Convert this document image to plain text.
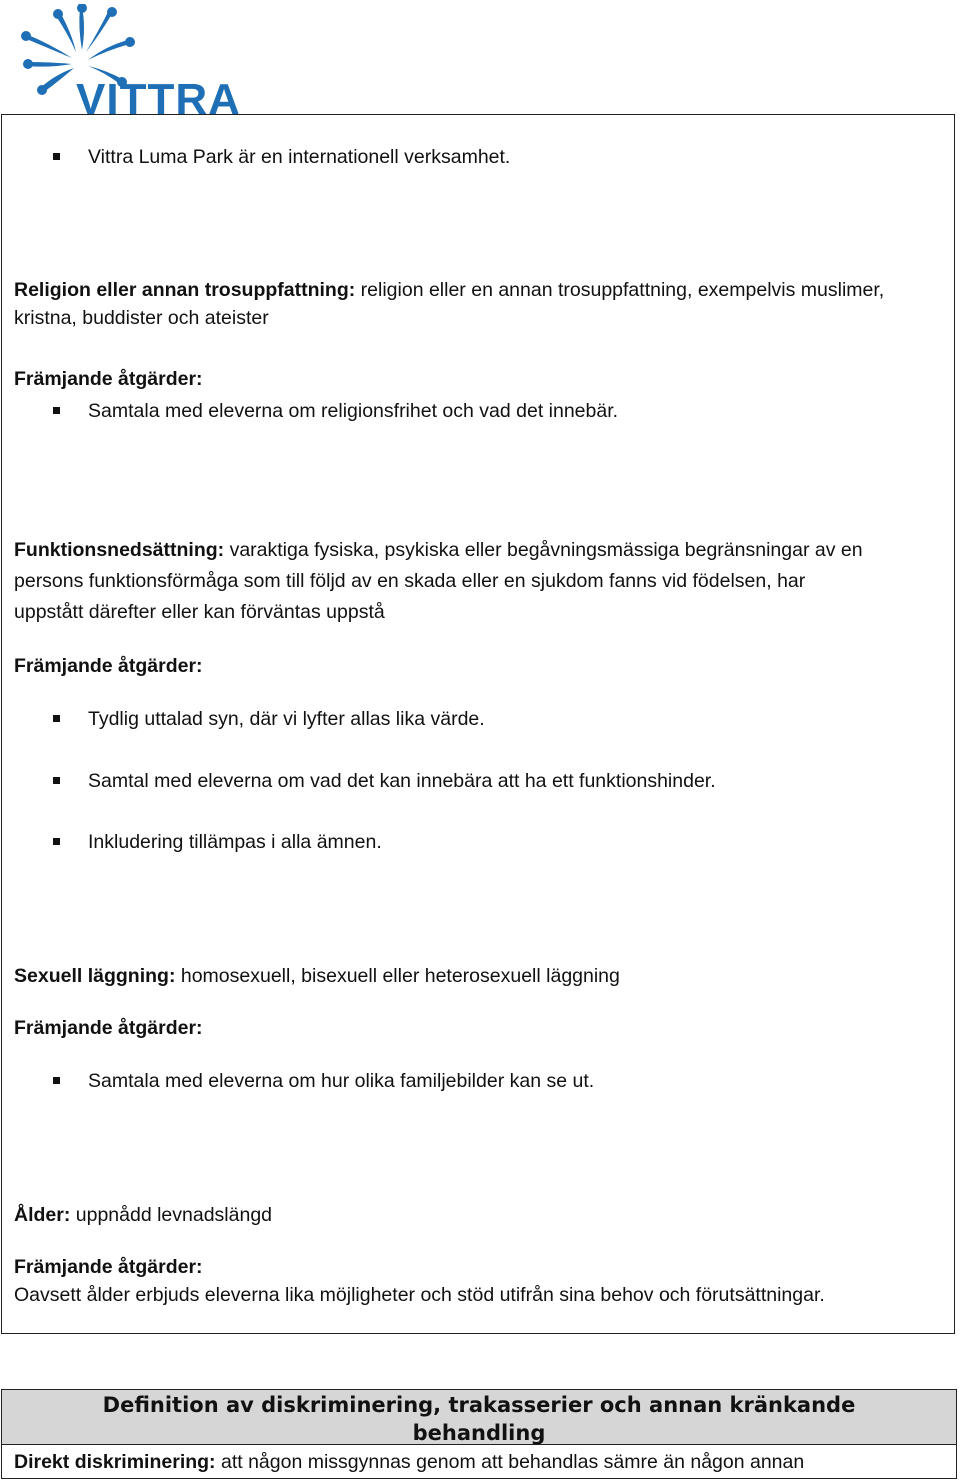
VITTRA
Vittra Luma Park är en internationell verksamhet.
Religion eller annan trosuppfattning: religion eller en annan trosuppfattning, exempelvis muslimer,
kristna, buddister och ateister
Främjande åtgärder:
Samtala med eleverna om religionsfrihet och vad det innebär.
Funktionsnedsättning: varaktiga fysiska, psykiska eller begåvningsmässiga begränsningar av en
persons funktionsförmåga som till följd av en skada eller en sjukdom fanns vid födelsen, har
uppstått därefter eller kan förväntas uppstå
Främjande åtgärder:
Tydlig uttalad syn, där vi lyfter allas lika värde.
Samtal med eleverna om vad det kan innebära att ha ett funktionshinder.
Inkludering tillämpas i alla ämnen.
Sexuell läggning: homosexuell, bisexuell eller heterosexuell läggning
Främjande åtgärder:
Samtala med eleverna om hur olika familjebilder kan se ut.
Ålder: uppnådd levnadslängd
Främjande åtgärder:
Oavsett ålder erbjuds eleverna lika möjligheter och stöd utifrån sina behov och förutsättningar.
Definition av diskriminering, trakasserier och annan kränkande
behandling
Direkt diskriminering: att någon missgynnas genom att behandlas sämre än någon annan
